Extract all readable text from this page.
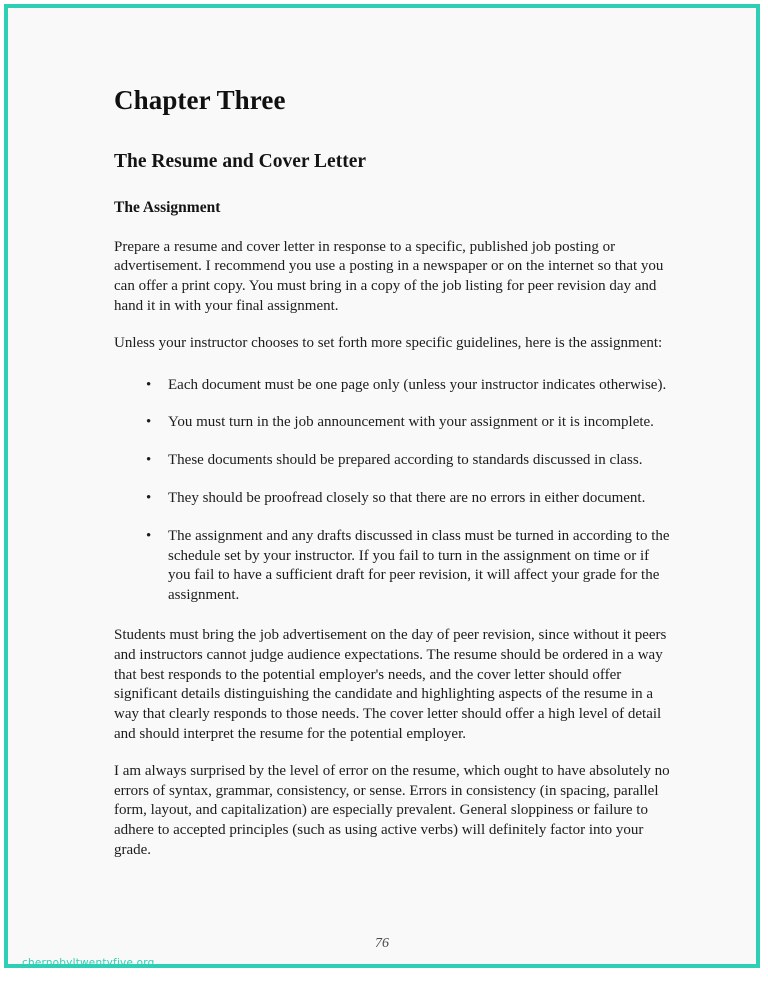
Chapter Three
The Resume and Cover Letter
The Assignment

Prepare a resume and cover letter in response to a specific, published job posting or advertisement. I recommend you use a posting in a newspaper or on the internet so that you can offer a print copy. You must bring in a copy of the job listing for peer revision day and hand it in with your final assignment.

Unless your instructor chooses to set forth more specific guidelines, here is the assignment:

• Each document must be one page only (unless your instructor indicates otherwise).
• You must turn in the job announcement with your assignment or it is incomplete.
• These documents should be prepared according to standards discussed in class.
• They should be proofread closely so that there are no errors in either document.
• The assignment and any drafts discussed in class must be turned in according to the schedule set by your instructor. If you fail to turn in the assignment on time or if you fail to have a sufficient draft for peer revision, it will affect your grade for the assignment.

Students must bring the job advertisement on the day of peer revision, since without it peers and instructors cannot judge audience expectations. The resume should be ordered in a way that best responds to the potential employer's needs, and the cover letter should offer significant details distinguishing the candidate and highlighting aspects of the resume in a way that clearly responds to those needs. The cover letter should offer a high level of detail and should interpret the resume for the potential employer.

I am always surprised by the level of error on the resume, which ought to have absolutely no errors of syntax, grammar, consistency, or sense. Errors in consistency (in spacing, parallel form, layout, and capitalization) are especially prevalent. General sloppiness or failure to adhere to accepted principles (such as using active verbs) will definitely factor into your grade.

76
chernobyltwentyfive.org
